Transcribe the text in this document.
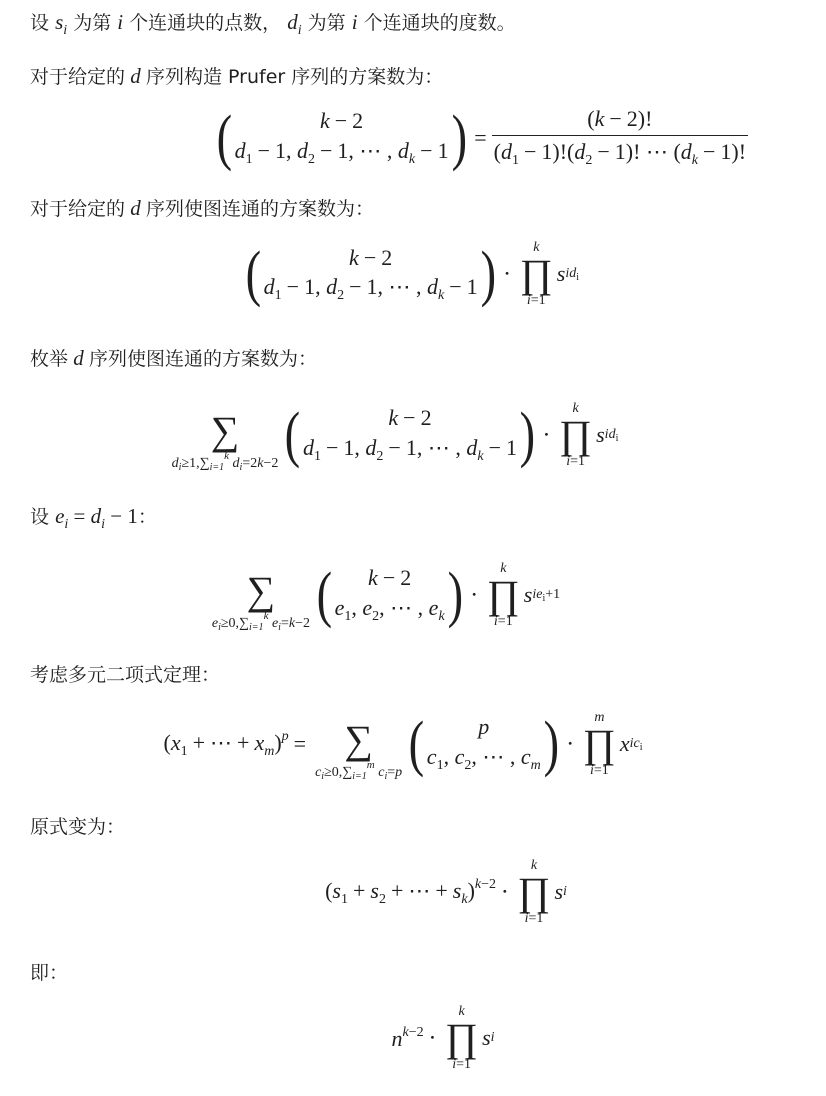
设 $s_i$ 为第 i 个连通块的点数， $d_i$ 为第 i 个连通块的度数。
对于给定的 d 序列构造 Prufer 序列的方案数为：
(	k − 2
$d_1 - 1$, $d_2 - 1$, ⋯ , $d_k - 1$ ) = $\frac{(k - 2)!}{(d_1 - 1)!(d_2 - 1)! \cdots (d_k - 1)!}$
对于给定的 d 序列使图连通的方案数为：
(	k − 2
$d_1 - 1$, $d_2 - 1$, ⋯ , $d_k - 1$ ) ⋅
k
∏
i=1
s i $d_i$
枚举 d 序列使图连通的方案数为：

∑
$d_i\ge 1,\sum_{i=1}^k$ $d_i=2k-2$ (	k − 2
$d_1 - 1$, $d_2 - 1$, ⋯ , $d_k - 1$ ) ⋅
k
∏
i=1
s i $d_i$
设 $e_i = d_i - 1$：

∑
$e_i\ge 0,\sum_{i=1}^k$ $e_i=k-2$ ( k − 2
$e_1$, $e_2$, ⋯ , $e_k$ ) ⋅
k
∏
i=1
s i $e_i+1$
考虑多元二项式定理：
($x_1$ + ⋯ + $x_m)^p$ =
∑
$c_i\ge 0,\sum_{i=1}^m$ $c_i=p$ ( p
$c_1$, $c_2$, ⋯ , $c_m$ ) ⋅
m
∏
i=1
x i $c_i$
原式变为：
($s_1 + s_2$ + ⋯ + $s_k)^{k-2}$ ⋅
k
∏
i=1
s i
即：
$n^{k-2}$ ⋅
k
∏
i=1
s i
